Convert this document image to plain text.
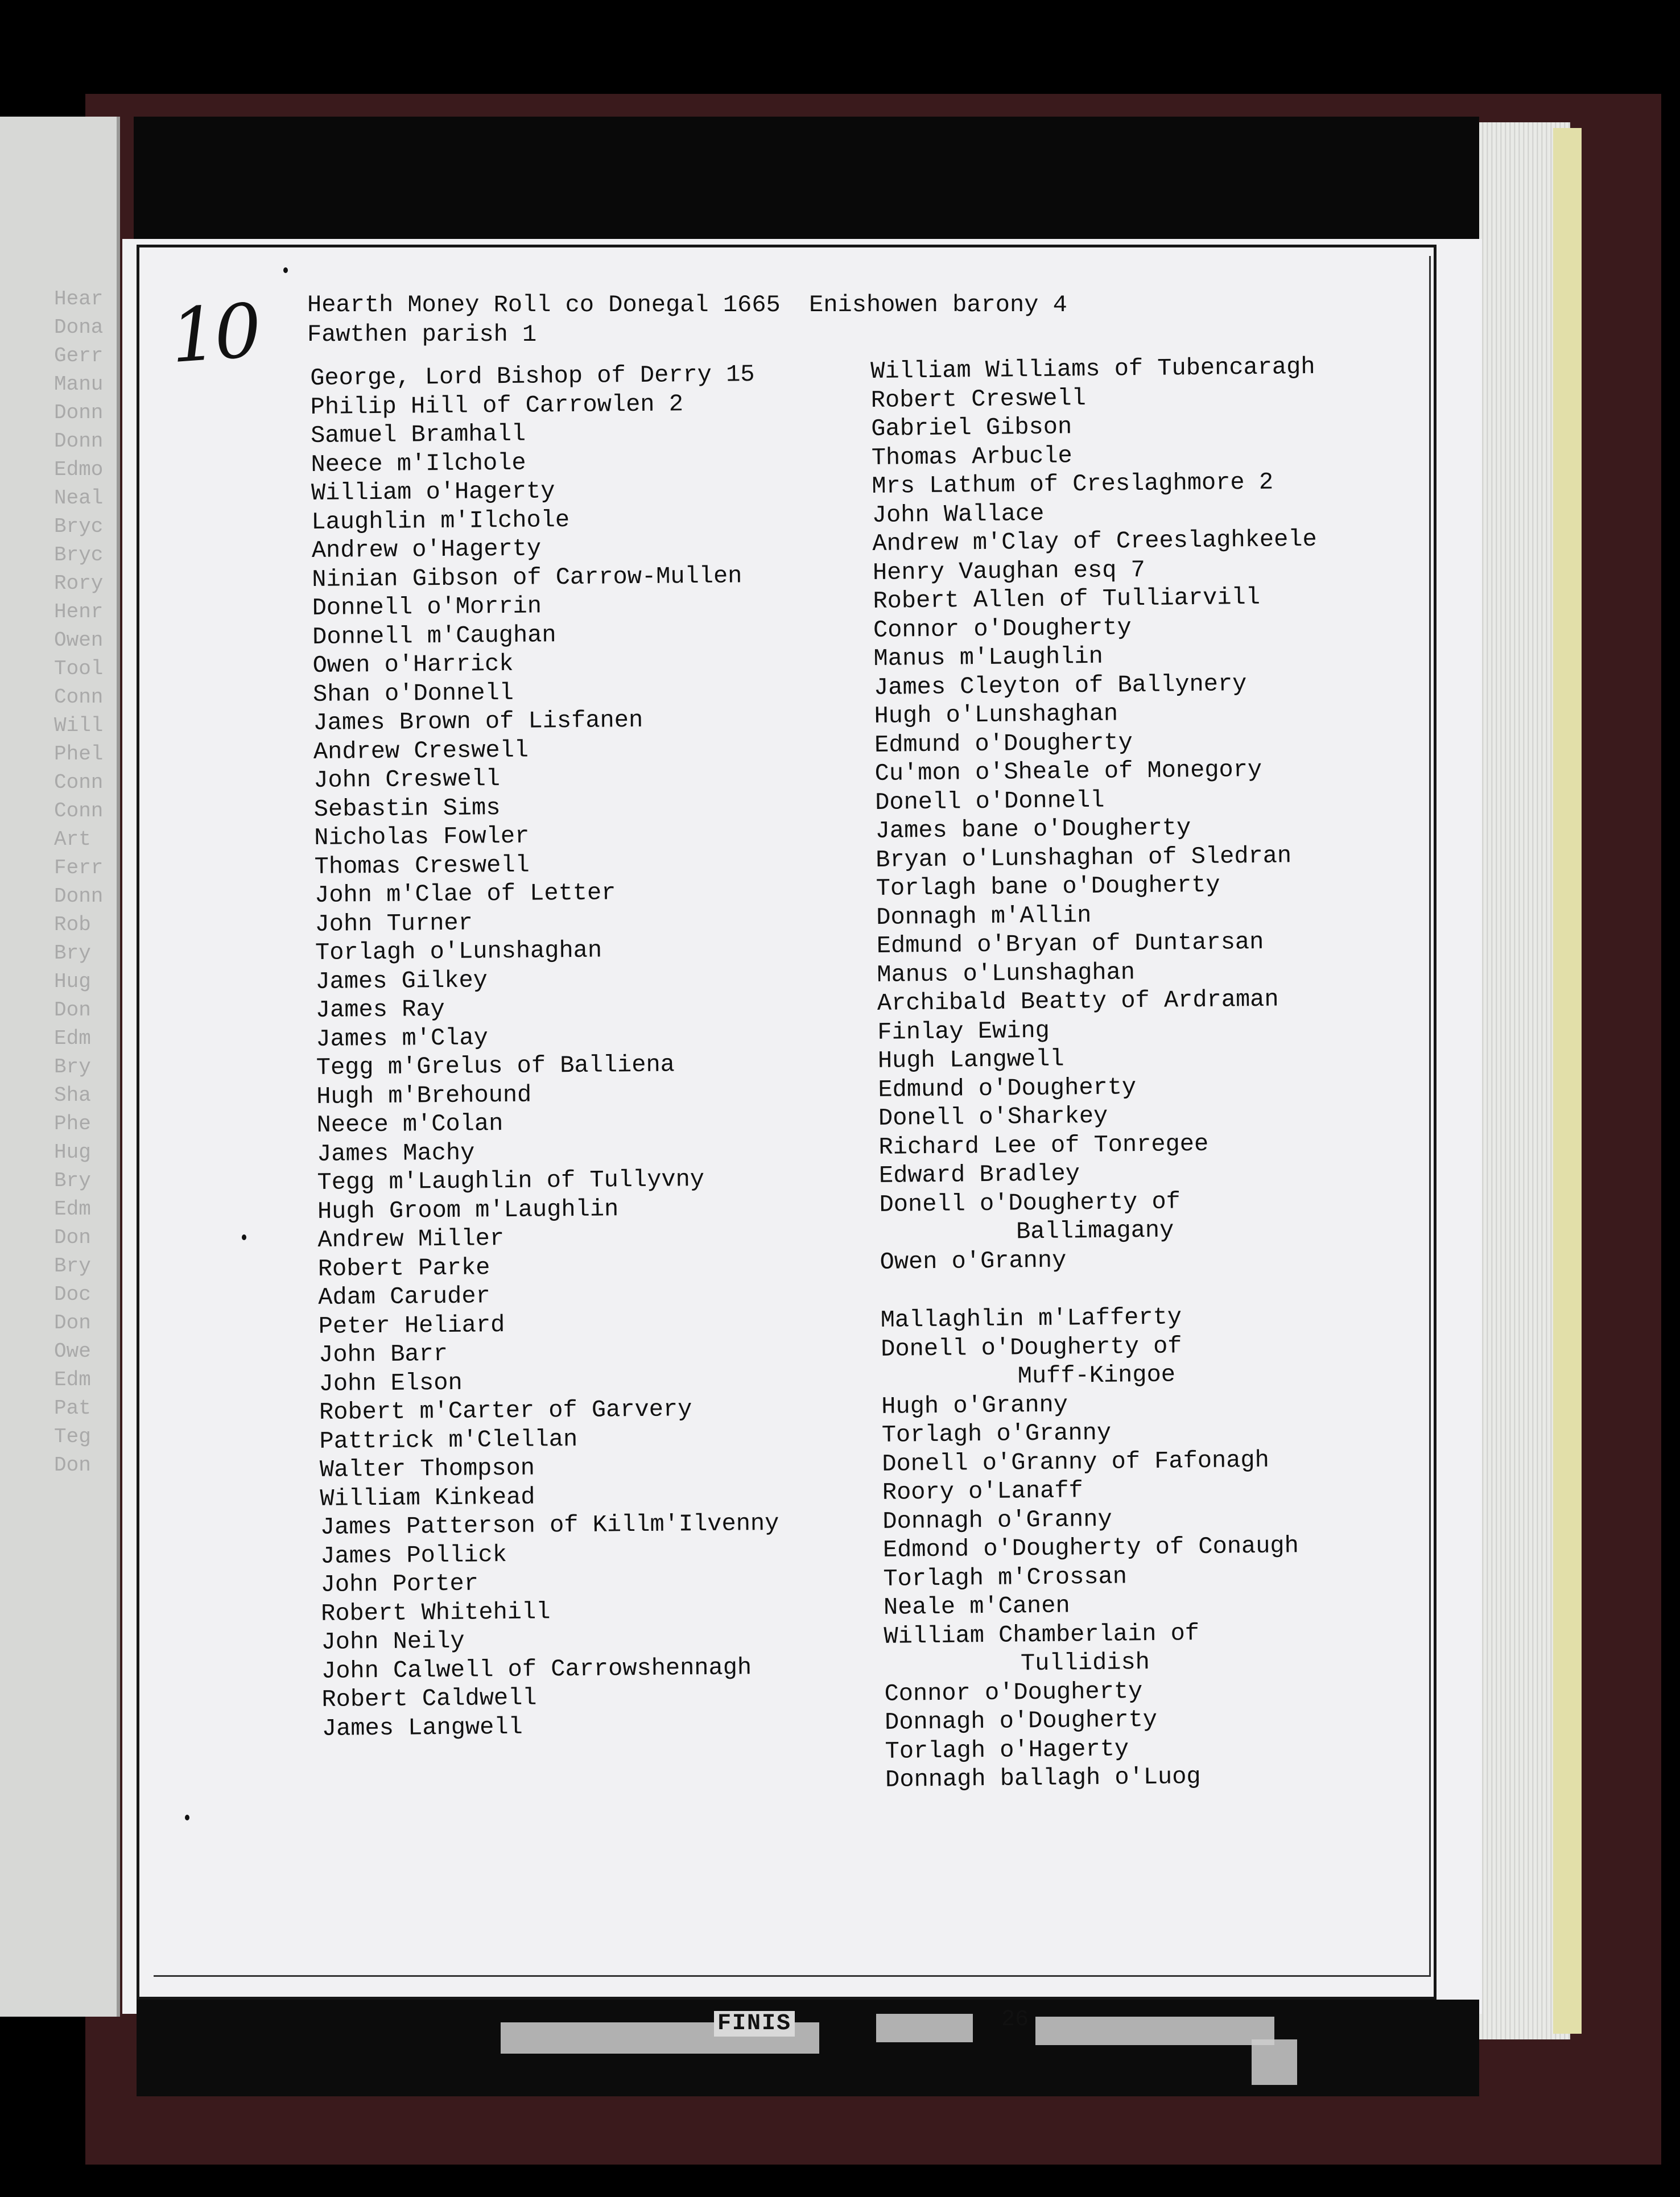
Hear
Dona
Gerr
Manu
Donn
Donn
Edmo
Neal
Bryc
Bryc
Rory
Henr
Owen
Tool
Conn
Will
Phel
Conn
Conn
Art
Ferr
Donn
Rob
Bry
Hug
Don
Edm
Bry
Sha
Phe
Hug
Bry
Edm
Don
Bry
Doc
Don
Owe
Edm
Pat
Teg
Don
10 Hearth Money Roll co Donegal 1665  Enishowen barony 4
Fawthen parish 1
George, Lord Bishop of Derry 15
Philip Hill of Carrowlen 2
Samuel Bramhall
Neece m'Ilchole
William o'Hagerty
Laughlin m'Ilchole
Andrew o'Hagerty
Ninian Gibson of Carrow-Mullen
Donnell o'Morrin
Donnell m'Caughan
Owen o'Harrick
Shan o'Donnell
James Brown of Lisfanen
Andrew Creswell
John Creswell
Sebastin Sims
Nicholas Fowler
Thomas Creswell
John m'Clae of Letter
John Turner
Torlagh o'Lunshaghan
James Gilkey
James Ray
James m'Clay
Tegg m'Grelus of Balliena
Hugh m'Brehound
Neece m'Colan
James Machy
Tegg m'Laughlin of Tullyvny
Hugh Groom m'Laughlin
Andrew Miller
Robert Parke
Adam Caruder
Peter Heliard
John Barr
John Elson
Robert m'Carter of Garvery
Pattrick m'Clellan
Walter Thompson
William Kinkead
James Patterson of Killm'Ilvenny
James Pollick
John Porter
Robert Whitehill
John Neily
John Calwell of Carrowshennagh
Robert Caldwell
James Langwell
William Williams of Tubencaragh
Robert Creswell
Gabriel Gibson
Thomas Arbucle
Mrs Lathum of Creslaghmore 2
John Wallace
Andrew m'Clay of Creeslaghkeele
Henry Vaughan esq 7
Robert Allen of Tulliarvill
Connor o'Dougherty
Manus m'Laughlin
James Cleyton of Ballynery
Hugh o'Lunshaghan
Edmund o'Dougherty
Cu'mon o'Sheale of Monegory
Donell o'Donnell
James bane o'Dougherty
Bryan o'Lunshaghan of Sledran
Torlagh bane o'Dougherty
Donnagh m'Allin
Edmund o'Bryan of Duntarsan
Manus o'Lunshaghan
Archibald Beatty of Ardraman
Finlay Ewing
Hugh Langwell
Edmund o'Dougherty
Donell o'Sharkey
Richard Lee of Tonregee
Edward Bradley
Donell o'Dougherty of
Ballimagany
Owen o'Granny
Mallaghlin m'Lafferty
Donell o'Dougherty of
Muff-Kingoe
Hugh o'Granny
Torlagh o'Granny
Donell o'Granny of Fafonagh
Roory o'Lanaff
Donnagh o'Granny
Edmond o'Dougherty of Conaugh
Torlagh m'Crossan
Neale m'Canen
William Chamberlain of
Tullidish
Connor o'Dougherty
Donnagh o'Dougherty
Torlagh o'Hagerty
Donnagh ballagh o'Luog
FINIS	26
